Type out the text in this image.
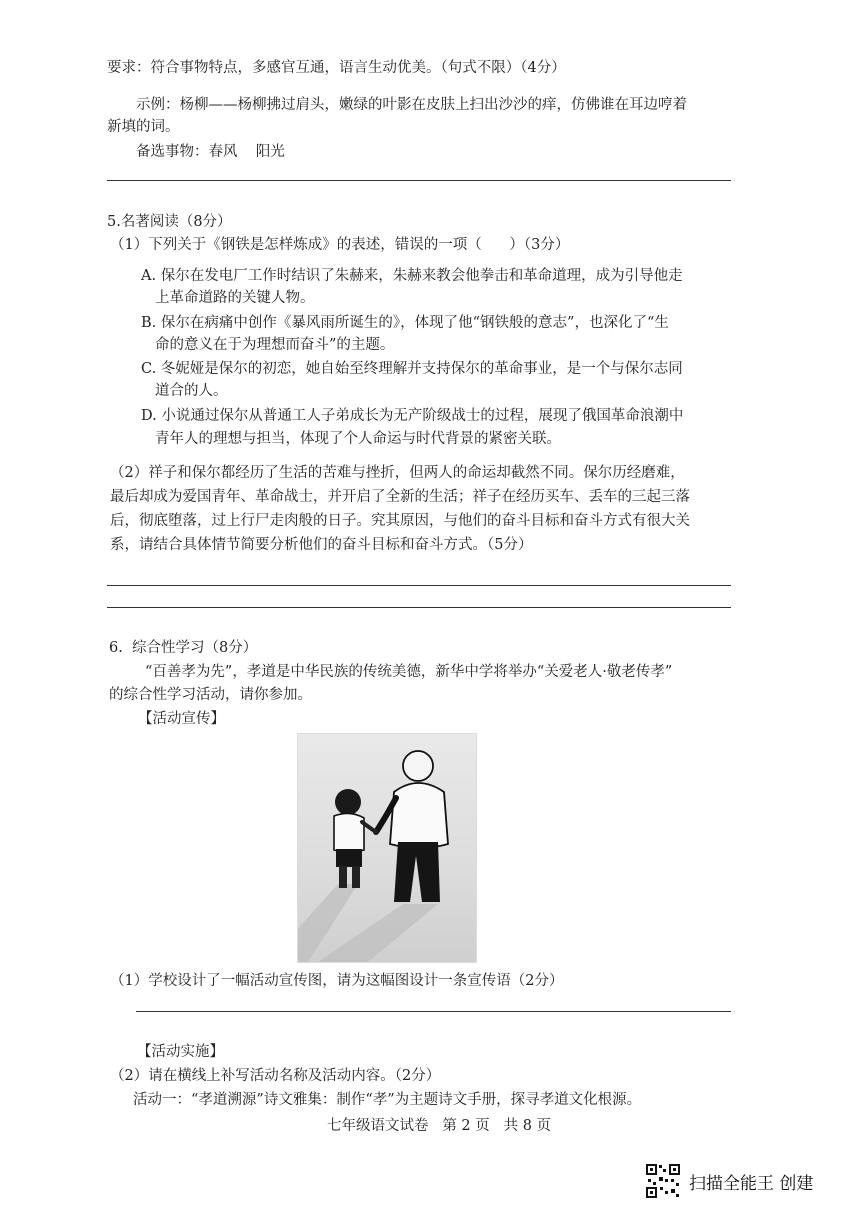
要求：符合事物特点，多感官互通，语言生动优美。（句式不限）（4分）
示例：杨柳——杨柳拂过肩头，嫩绿的叶影在皮肤上扫出沙沙的痒，仿佛谁在耳边哼着
新填的词。
备选事物：春风    阳光
5.名著阅读（8分）
（1）下列关于《钢铁是怎样炼成》的表述，错误的一项（      ）（3分）
A. 保尔在发电厂工作时结识了朱赫来，朱赫来教会他拳击和革命道理，成为引导他走
上革命道路的关键人物。
B. 保尔在病痛中创作《暴风雨所诞生的》，体现了他“钢铁般的意志”，也深化了“生
命的意义在于为理想而奋斗”的主题。
C. 冬妮娅是保尔的初恋，她自始至终理解并支持保尔的革命事业，是一个与保尔志同
道合的人。
D. 小说通过保尔从普通工人子弟成长为无产阶级战士的过程，展现了俄国革命浪潮中
青年人的理想与担当，体现了个人命运与时代背景的紧密关联。
（2）祥子和保尔都经历了生活的苦难与挫折，但两人的命运却截然不同。保尔历经磨难，
最后却成为爱国青年、革命战士，并开启了全新的生活；祥子在经历买车、丢车的三起三落
后，彻底堕落，过上行尸走肉般的日子。究其原因，与他们的奋斗目标和奋斗方式有很大关
系，请结合具体情节简要分析他们的奋斗目标和奋斗方式。（5分）
6.  综合性学习（8分）
“百善孝为先”，孝道是中华民族的传统美德，新华中学将举办“关爱老人·敬老传孝”
的综合性学习活动，请你参加。
【活动宣传】
（1）学校设计了一幅活动宣传图，请为这幅图设计一条宣传语（2分）
【活动实施】
（2）请在横线上补写活动名称及活动内容。（2分）
活动一：“孝道溯源”诗文雅集：制作“孝”为主题诗文手册，探寻孝道文化根源。
七年级语文试卷   第 2 页   共 8 页
扫描全能王 创建
